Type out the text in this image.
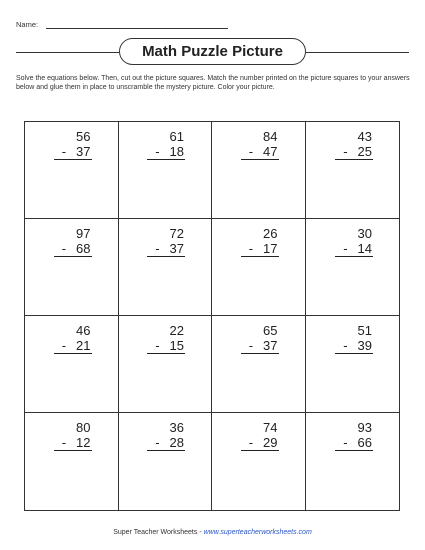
Name:
Math Puzzle Picture
Solve the equations below. Then, cut out the picture squares. Match the number printed on the picture squares to your answers below and glue them in place to unscramble the mystery picture. Color your picture.
56
- 37
61
- 18
84
- 47
43
- 25
97
- 68
72
- 37
26
- 17
30
- 14
46
- 21
22
- 15
65
- 37
51
- 39
80
- 12
36
- 28
74
- 29
93
- 66
Super Teacher Worksheets - www.superteacherworksheets.com
